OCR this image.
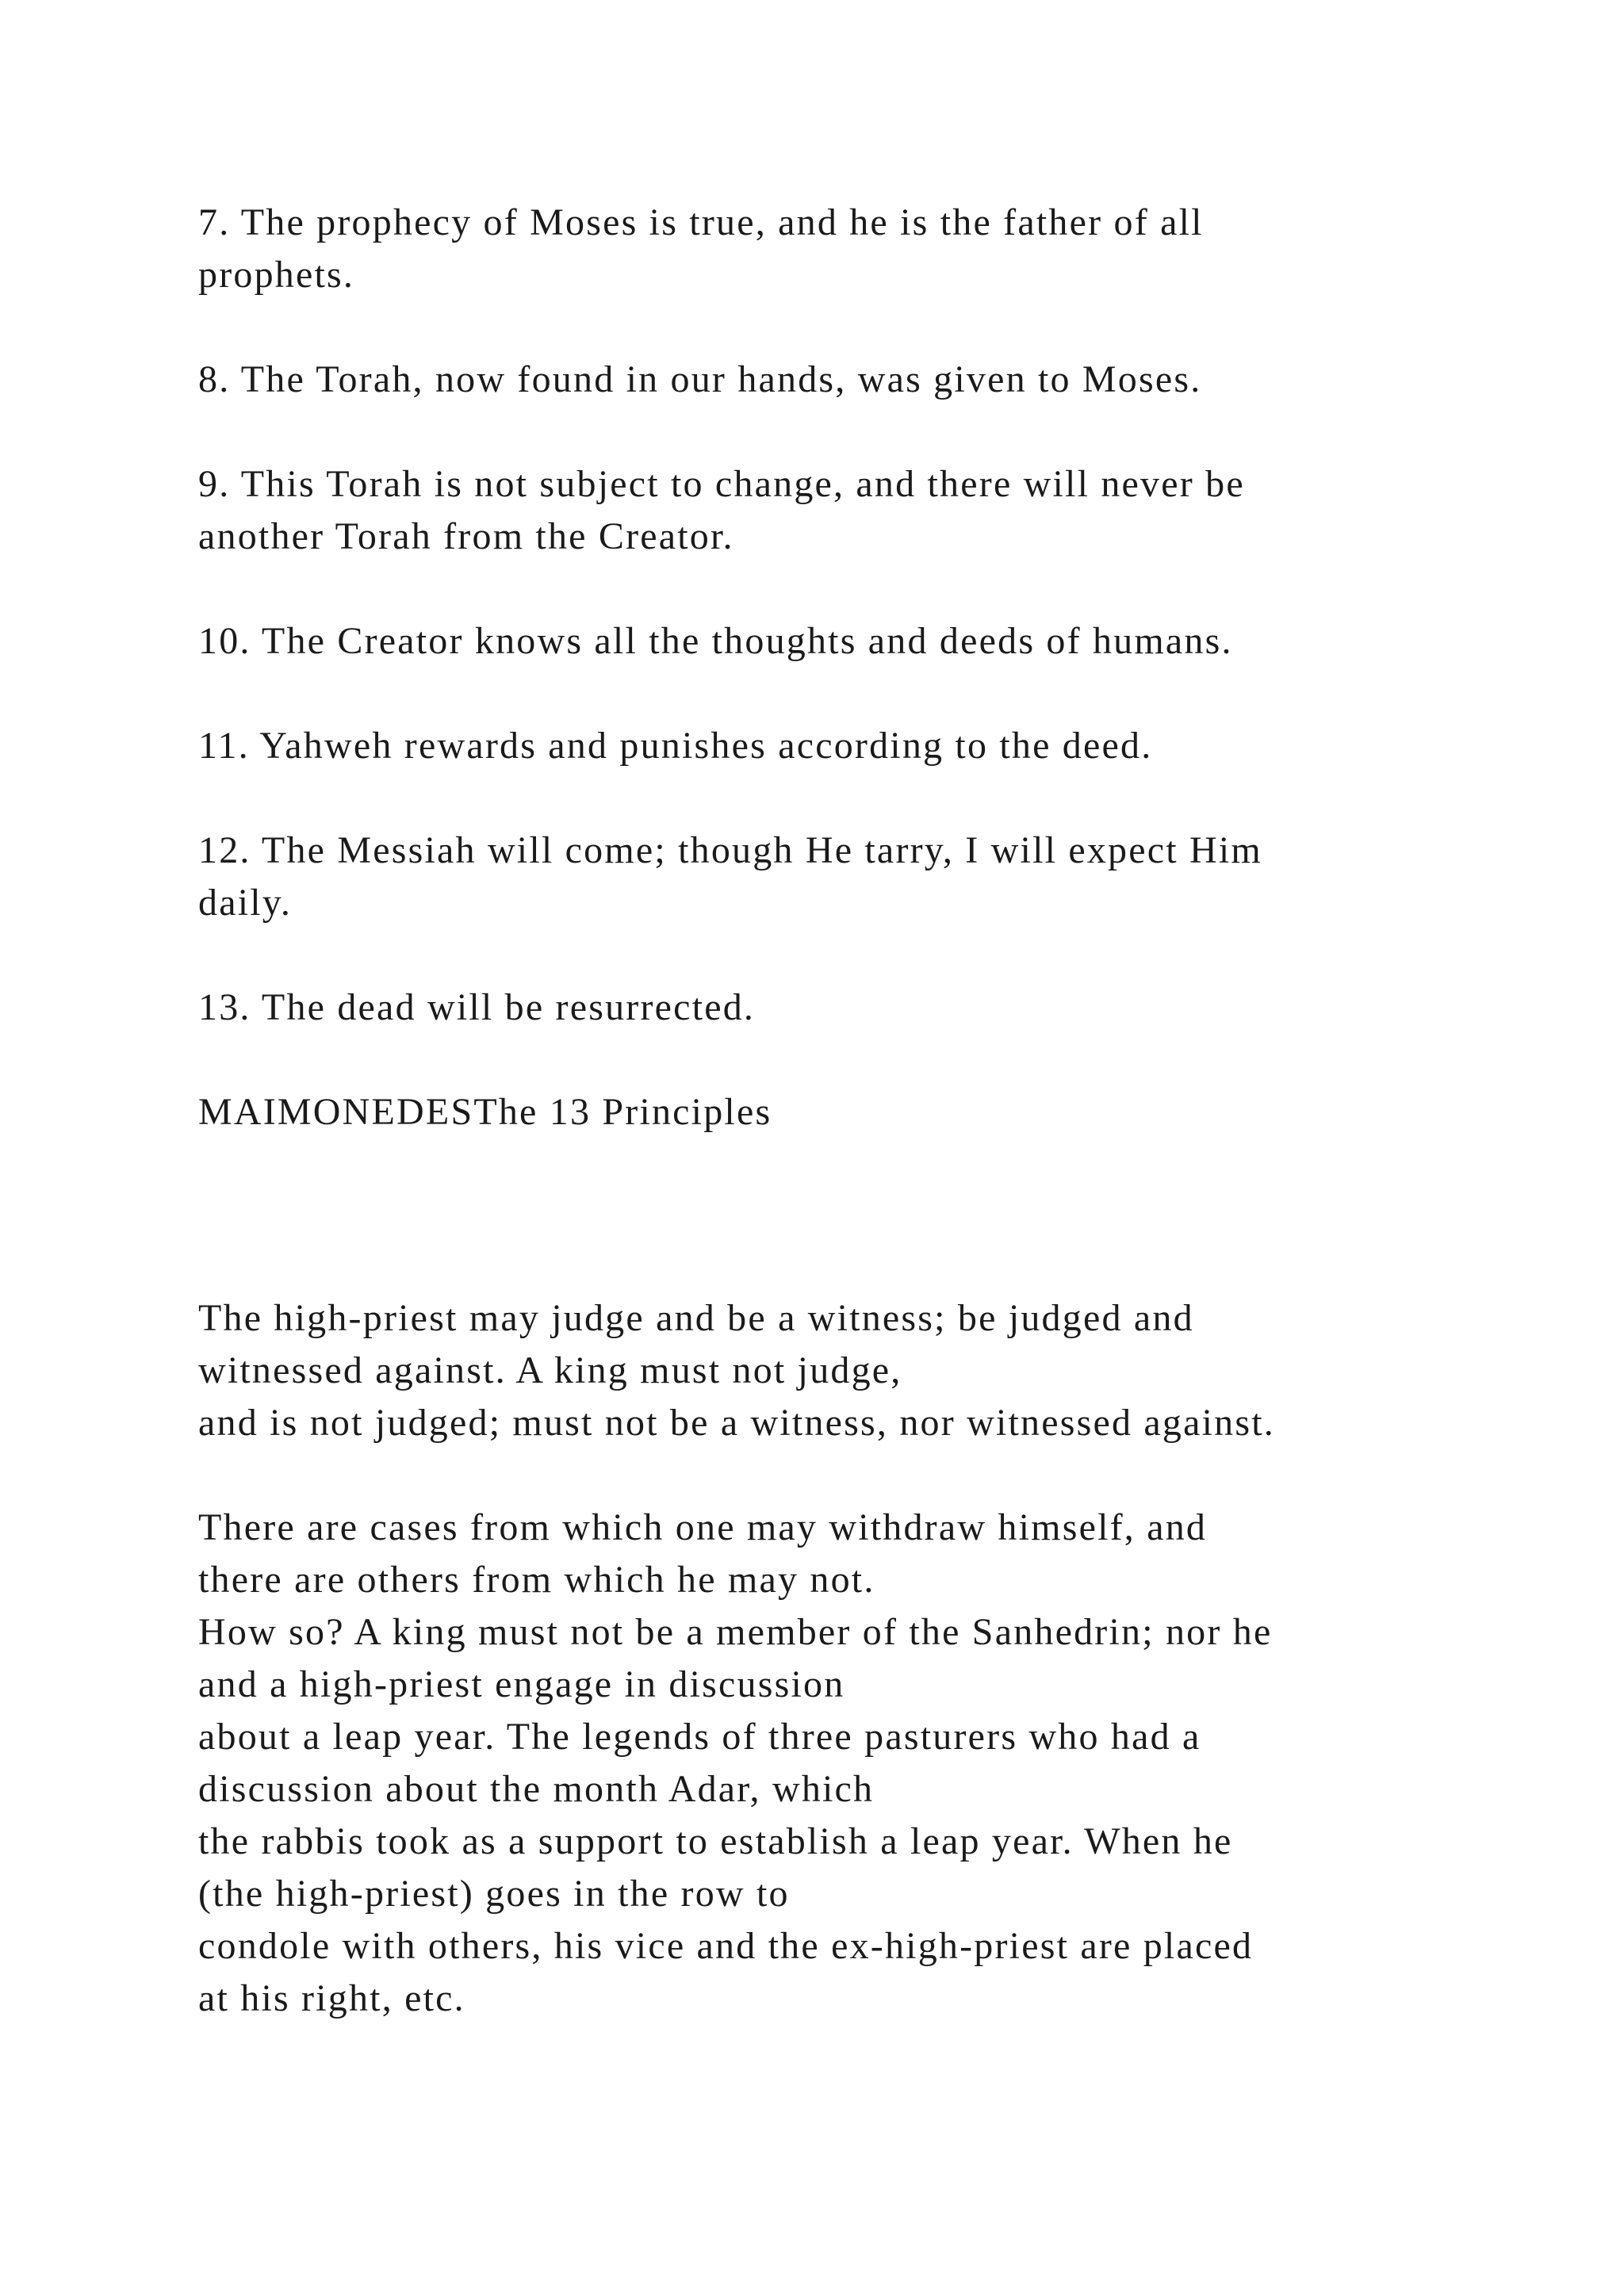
7. The prophecy of Moses is true, and he is the father of all
prophets.

8. The Torah, now found in our hands, was given to Moses.

9. This Torah is not subject to change, and there will never be
another Torah from the Creator.

10. The Creator knows all the thoughts and deeds of humans.

11. Yahweh rewards and punishes according to the deed.

12. The Messiah will come; though He tarry, I will expect Him
daily.

13. The dead will be resurrected.

MAIMONEDESThe 13 Principles

The high-priest may judge and be a witness; be judged and
witnessed against. A king must not judge,
and is not judged; must not be a witness, nor witnessed against.

There are cases from which one may withdraw himself, and
there are others from which he may not.
How so? A king must not be a member of the Sanhedrin; nor he
and a high-priest engage in discussion
about a leap year. The legends of three pasturers who had a
discussion about the month Adar, which
the rabbis took as a support to establish a leap year. When he
(the high-priest) goes in the row to
condole with others, his vice and the ex-high-priest are placed
at his right, etc.
